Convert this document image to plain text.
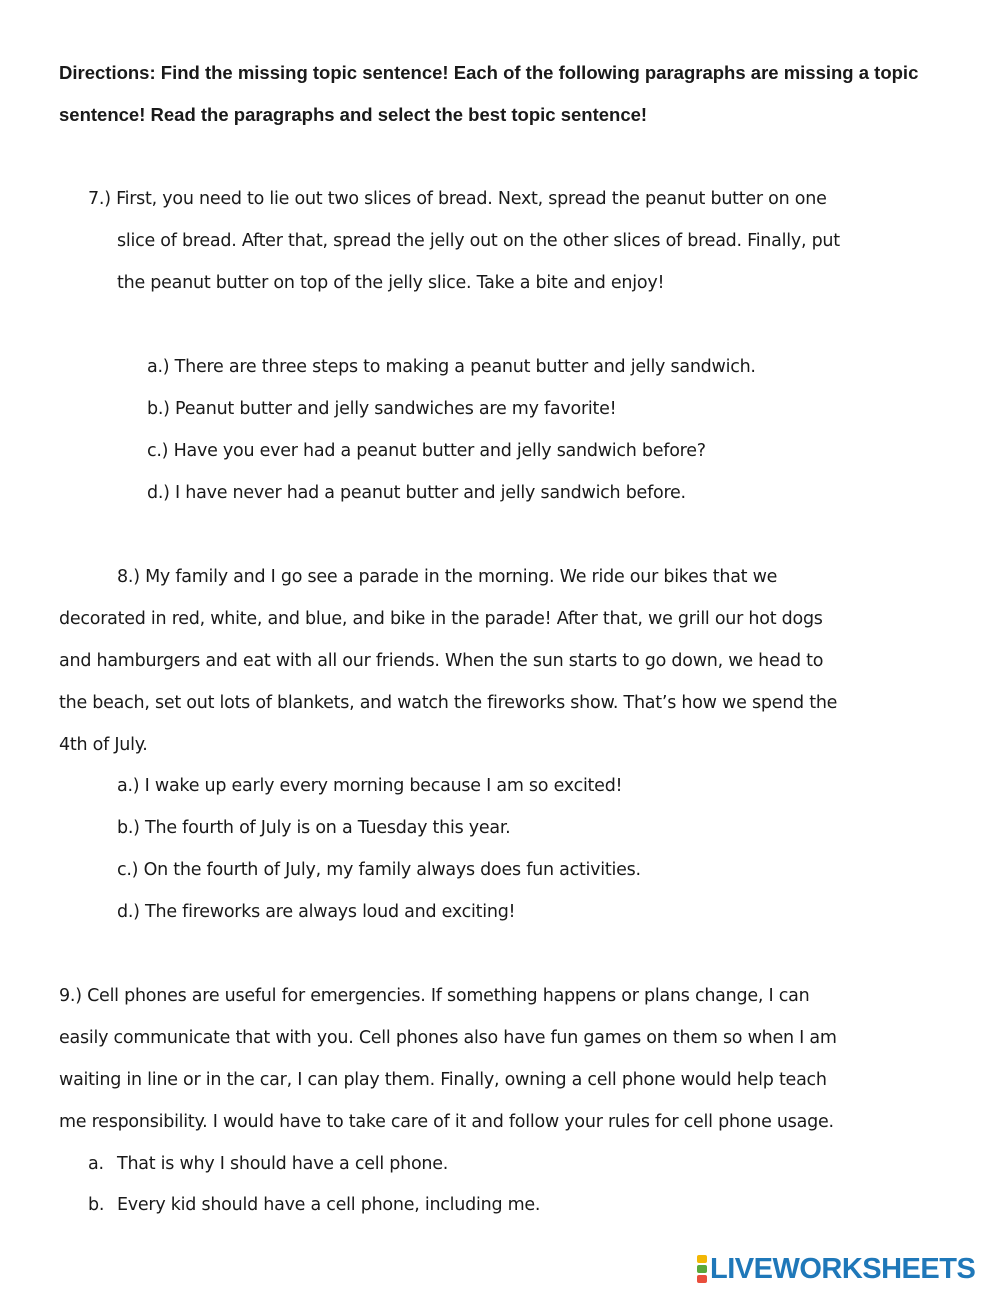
Directions: Find the missing topic sentence! Each of the following paragraphs are missing a topic sentence! Read the paragraphs and select the best topic sentence!

7.) First, you need to lie out two slices of bread. Next, spread the peanut butter on one
slice of bread. After that, spread the jelly out on the other slices of bread. Finally, put
the peanut butter on top of the jelly slice. Take a bite and enjoy!
a.) There are three steps to making a peanut butter and jelly sandwich.
b.) Peanut butter and jelly sandwiches are my favorite!
c.) Have you ever had a peanut butter and jelly sandwich before?
d.) I have never had a peanut butter and jelly sandwich before.
8.) My family and I go see a parade in the morning. We ride our bikes that we
decorated in red, white, and blue, and bike in the parade! After that, we grill our hot dogs
and hamburgers and eat with all our friends. When the sun starts to go down, we head to
the beach, set out lots of blankets, and watch the fireworks show. That’s how we spend the
4th of July.
a.) I wake up early every morning because I am so excited!
b.) The fourth of July is on a Tuesday this year.
c.) On the fourth of July, my family always does fun activities.
d.) The fireworks are always loud and exciting!
9.) Cell phones are useful for emergencies. If something happens or plans change, I can
easily communicate that with you. Cell phones also have fun games on them so when I am
waiting in line or in the car, I can play them. Finally, owning a cell phone would help teach
me responsibility. I would have to take care of it and follow your rules for cell phone usage.
a. That is why I should have a cell phone.
b. Every kid should have a cell phone, including me.
LIVEWORKSHEETS
